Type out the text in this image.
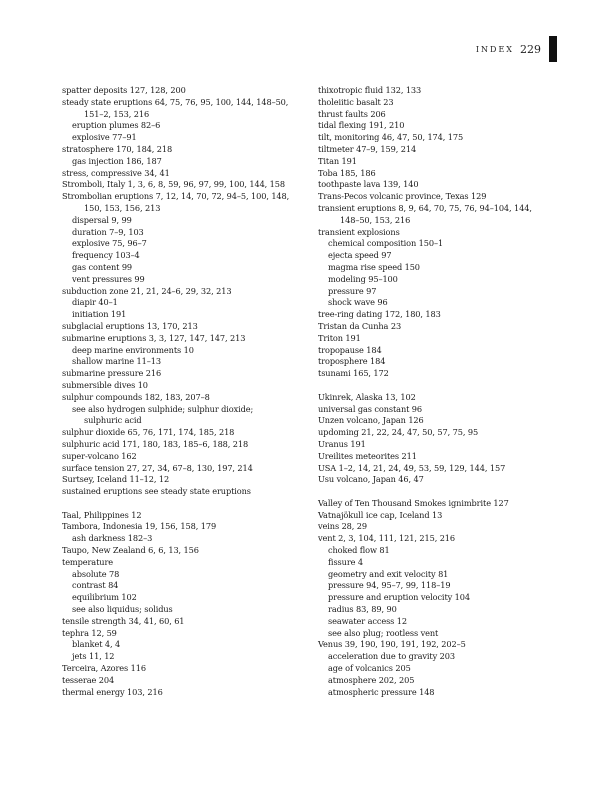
INDEX 229
spatter deposits 127, 128, 200
steady state eruptions 64, 75, 76, 95, 100, 144, 148–50,
151–2, 153, 216
eruption plumes 82–6
explosive 77–91
stratosphere 170, 184, 218
gas injection 186, 187
stress, compressive 34, 41
Stromboli, Italy 1, 3, 6, 8, 59, 96, 97, 99, 100, 144, 158
Strombolian eruptions 7, 12, 14, 70, 72, 94–5, 100, 148,
150, 153, 156, 213
dispersal 9, 99
duration 7–9, 103
explosive 75, 96–7
frequency 103–4
gas content 99
vent pressures 99
subduction zone 21, 21, 24–6, 29, 32, 213
diapir 40–1
initiation 191
subglacial eruptions 13, 170, 213
submarine eruptions 3, 3, 127, 147, 147, 213
deep marine environments 10
shallow marine 11–13
submarine pressure 216
submersible dives 10
sulphur compounds 182, 183, 207–8
see also hydrogen sulphide; sulphur dioxide;
sulphuric acid
sulphur dioxide 65, 76, 171, 174, 185, 218
sulphuric acid 171, 180, 183, 185–6, 188, 218
super-volcano 162
surface tension 27, 27, 34, 67–8, 130, 197, 214
Surtsey, Iceland 11–12, 12
sustained eruptions see steady state eruptions
Taal, Philippines 12
Tambora, Indonesia 19, 156, 158, 179
ash darkness 182–3
Taupo, New Zealand 6, 6, 13, 156
temperature
absolute 78
contrast 84
equilibrium 102
see also liquidus; solidus
tensile strength 34, 41, 60, 61
tephra 12, 59
blanket 4, 4
jets 11, 12
Terceira, Azores 116
tesserae 204
thermal energy 103, 216
thixotropic fluid 132, 133
tholeiitic basalt 23
thrust faults 206
tidal flexing 191, 210
tilt, monitoring 46, 47, 50, 174, 175
tiltmeter 47–9, 159, 214
Titan 191
Toba 185, 186
toothpaste lava 139, 140
Trans-Pecos volcanic province, Texas 129
transient eruptions 8, 9, 64, 70, 75, 76, 94–104, 144,
148–50, 153, 216
transient explosions
chemical composition 150–1
ejecta speed 97
magma rise speed 150
modeling 95–100
pressure 97
shock wave 96
tree-ring dating 172, 180, 183
Tristan da Cunha 23
Triton 191
tropopause 184
troposphere 184
tsunami 165, 172
Ukinrek, Alaska 13, 102
universal gas constant 96
Unzen volcano, Japan 126
updoming 21, 22, 24, 47, 50, 57, 75, 95
Uranus 191
Ureilites meteorites 211
USA 1–2, 14, 21, 24, 49, 53, 59, 129, 144, 157
Usu volcano, Japan 46, 47
Valley of Ten Thousand Smokes ignimbrite 127
Vatnajökull ice cap, Iceland 13
veins 28, 29
vent 2, 3, 104, 111, 121, 215, 216
choked flow 81
fissure 4
geometry and exit velocity 81
pressure 94, 95–7, 99, 118–19
pressure and eruption velocity 104
radius 83, 89, 90
seawater access 12
see also plug; rootless vent
Venus 39, 190, 190, 191, 192, 202–5
acceleration due to gravity 203
age of volcanics 205
atmosphere 202, 205
atmospheric pressure 148
